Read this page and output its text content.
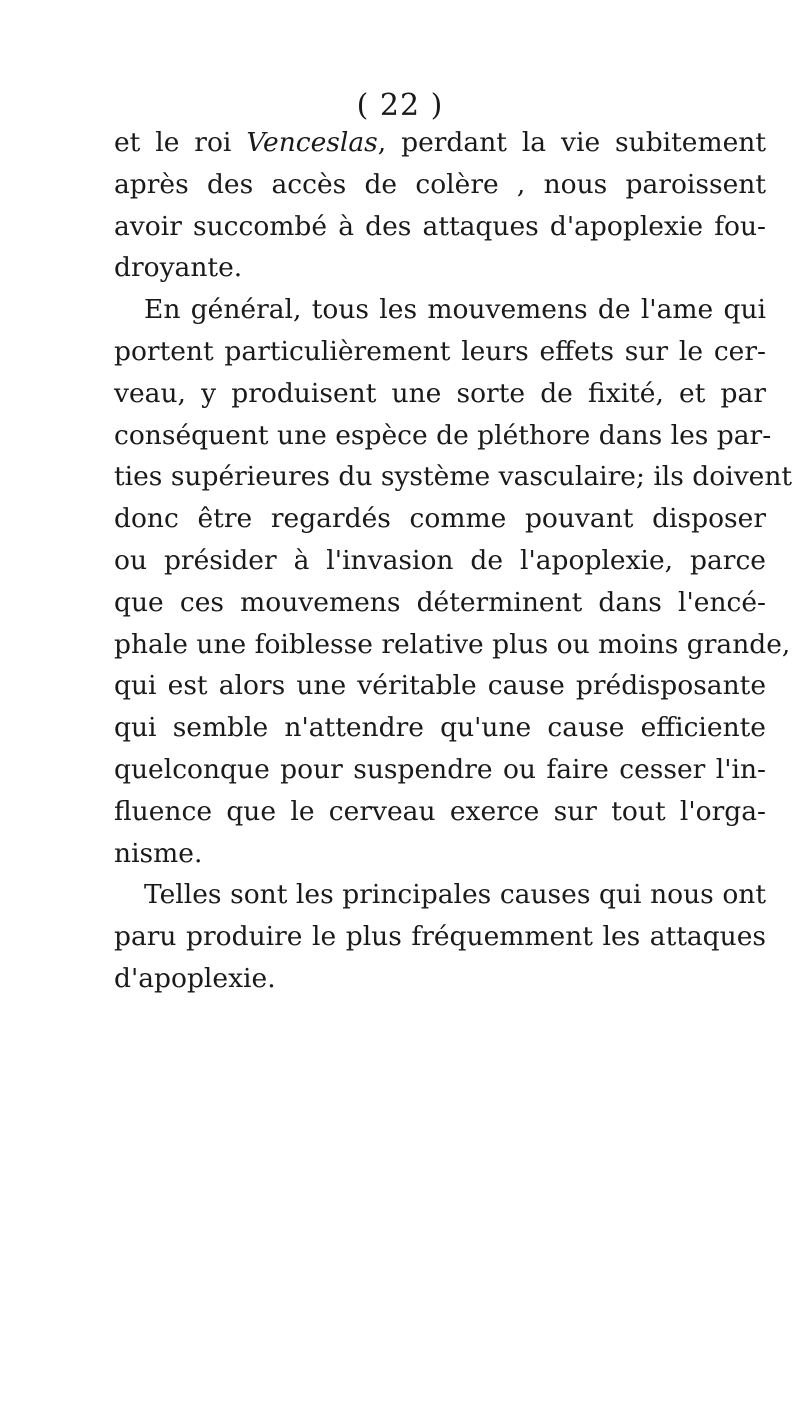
( 22 )
et le roi Venceslas, perdant la vie subitement
après des accès de colère , nous paroissent
avoir succombé à des attaques d'apoplexie fou-
droyante.
En général, tous les mouvemens de l'ame qui
portent particulièrement leurs effets sur le cer-
veau, y produisent une sorte de fixité, et par
conséquent une espèce de pléthore dans les par-
ties supérieures du système vasculaire; ils doivent
donc être regardés comme pouvant disposer
ou présider à l'invasion de l'apoplexie, parce
que ces mouvemens déterminent dans l'encé-
phale une foiblesse relative plus ou moins grande,
qui est alors une véritable cause prédisposante
qui semble n'attendre qu'une cause efficiente
quelconque pour suspendre ou faire cesser l'in-
fluence que le cerveau exerce sur tout l'orga-
nisme.
Telles sont les principales causes qui nous ont
paru produire le plus fréquemment les attaques
d'apoplexie.
